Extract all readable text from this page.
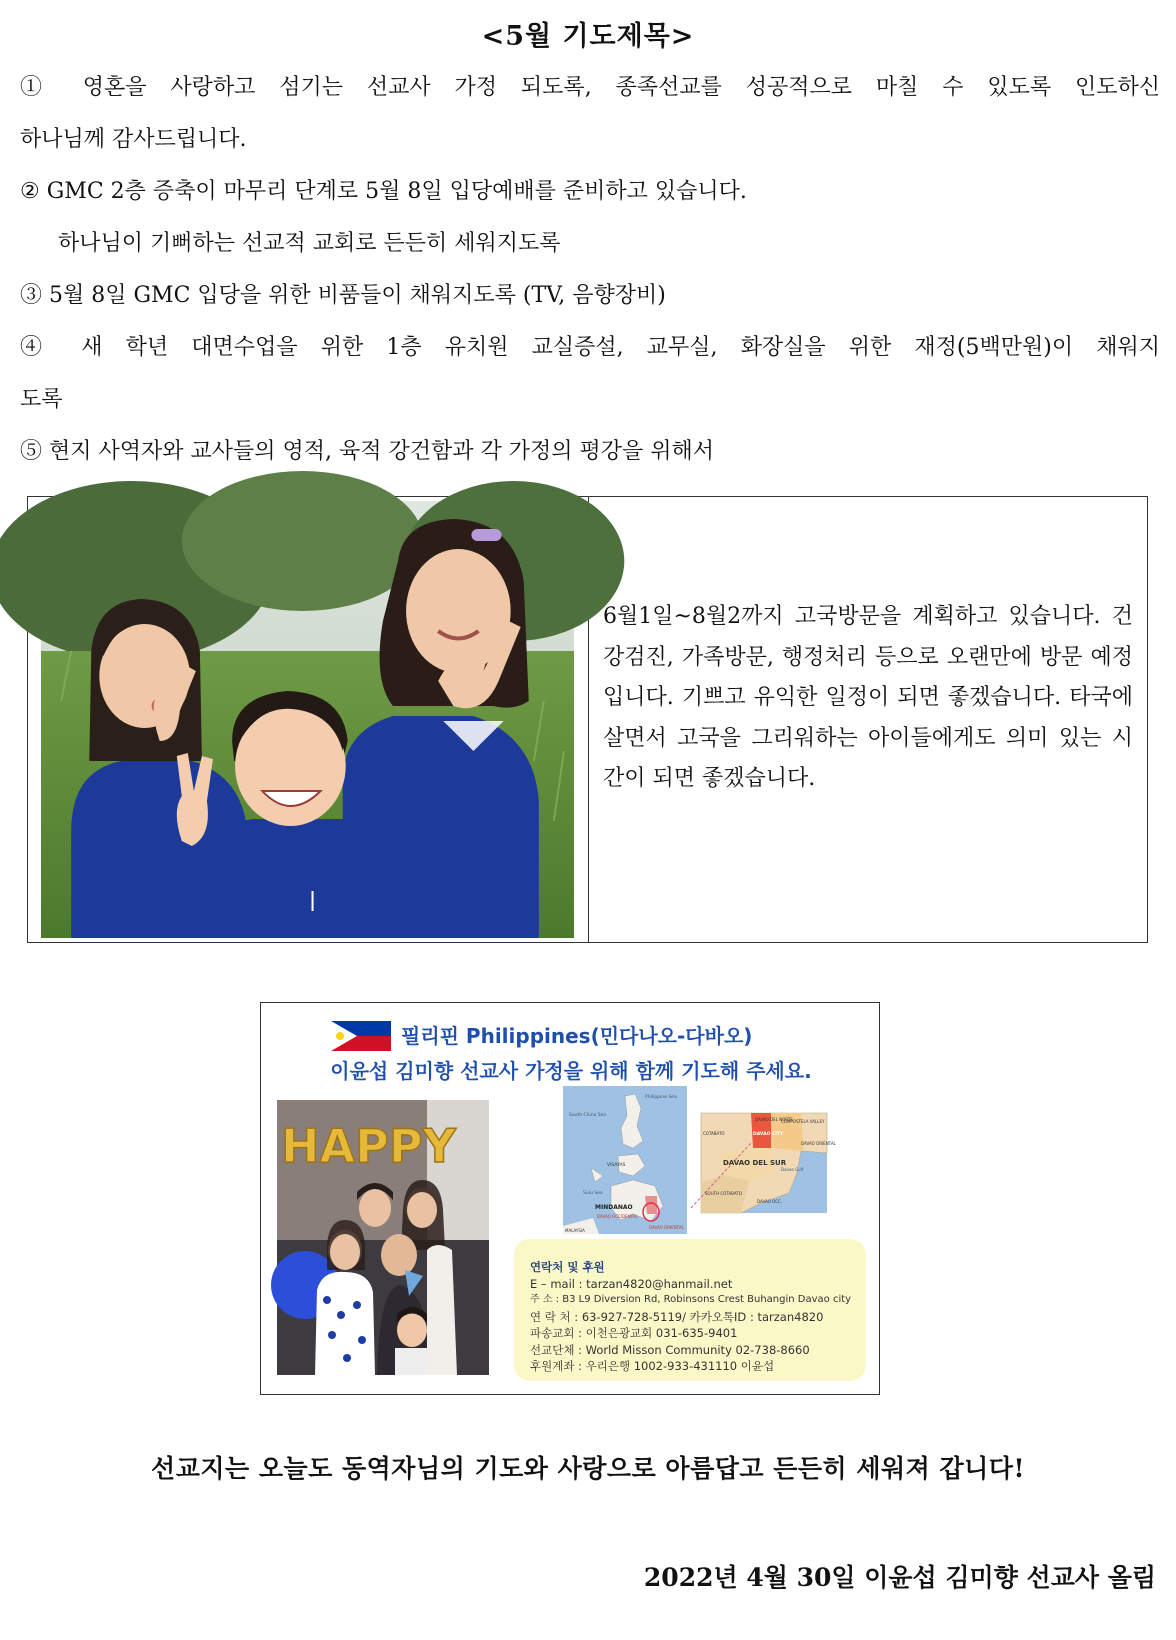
<5월 기도제목>
① 영혼을 사랑하고 섬기는 선교사 가정 되도록, 종족선교를 성공적으로 마칠 수 있도록 인도하신
하나님께 감사드립니다.
② GMC 2층 증축이 마무리 단계로 5월 8일 입당예배를 준비하고 있습니다.
하나님이 기뻐하는 선교적 교회로 든든히 세워지도록
③ 5월 8일 GMC 입당을 위한 비품들이 채워지도록 (TV, 음향장비)
④ 새 학년 대면수업을 위한 1층 유치원 교실증설, 교무실, 화장실을 위한 재정(5백만원)이 채워지
도록
⑤ 현지 사역자와 교사들의 영적, 육적 강건함과 각 가정의 평강을 위해서
6월1일~8월2까지 고국방문을 계획하고 있습니다. 건강검진, 가족방문, 행정처리 등으로 오랜만에 방문 예정입니다. 기쁘고 유익한 일정이 되면 좋겠습니다. 타국에 살면서 고국을 그리워하는 아이들에게도 의미 있는 시간이 되면 좋겠습니다.
필리핀 Philippines(민다나오-다바오)
이윤섭 김미향 선교사 가정을 위해 함께 기도해 주세요.
HAPPY
Philippine Sea
South China Sea
VISAYAS
Sulu Sea
MINDANAO
DAVAO OCCIDENTAL
DAVAO ORIENTAL
MALAYSIA
DAVAO DEL NORTE
DAVAO CITY
COMPOSTELA VALLEY
COTABATO
DAVAO DEL SUR
SOUTH COTABATO
Davao Gulf
DAVAO OCC.
DAVAO ORIENTAL
연락처 및 후원
E – mail : tarzan4820@hanmail.net
주 소 : B3 L9 Diversion Rd, Robinsons Crest Buhangin Davao city
연 락 처 : 63-927-728-5119/ 카카오톡ID : tarzan4820
파송교회 : 이천은광교회 031-635-9401
선교단체 : World Misson Community 02-738-8660
후원계좌 : 우리은행 1002-933-431110 이윤섭
선교지는 오늘도 동역자님의 기도와 사랑으로 아름답고 든든히 세워져 갑니다!
2022년 4월 30일 이윤섭 김미향 선교사 올림
